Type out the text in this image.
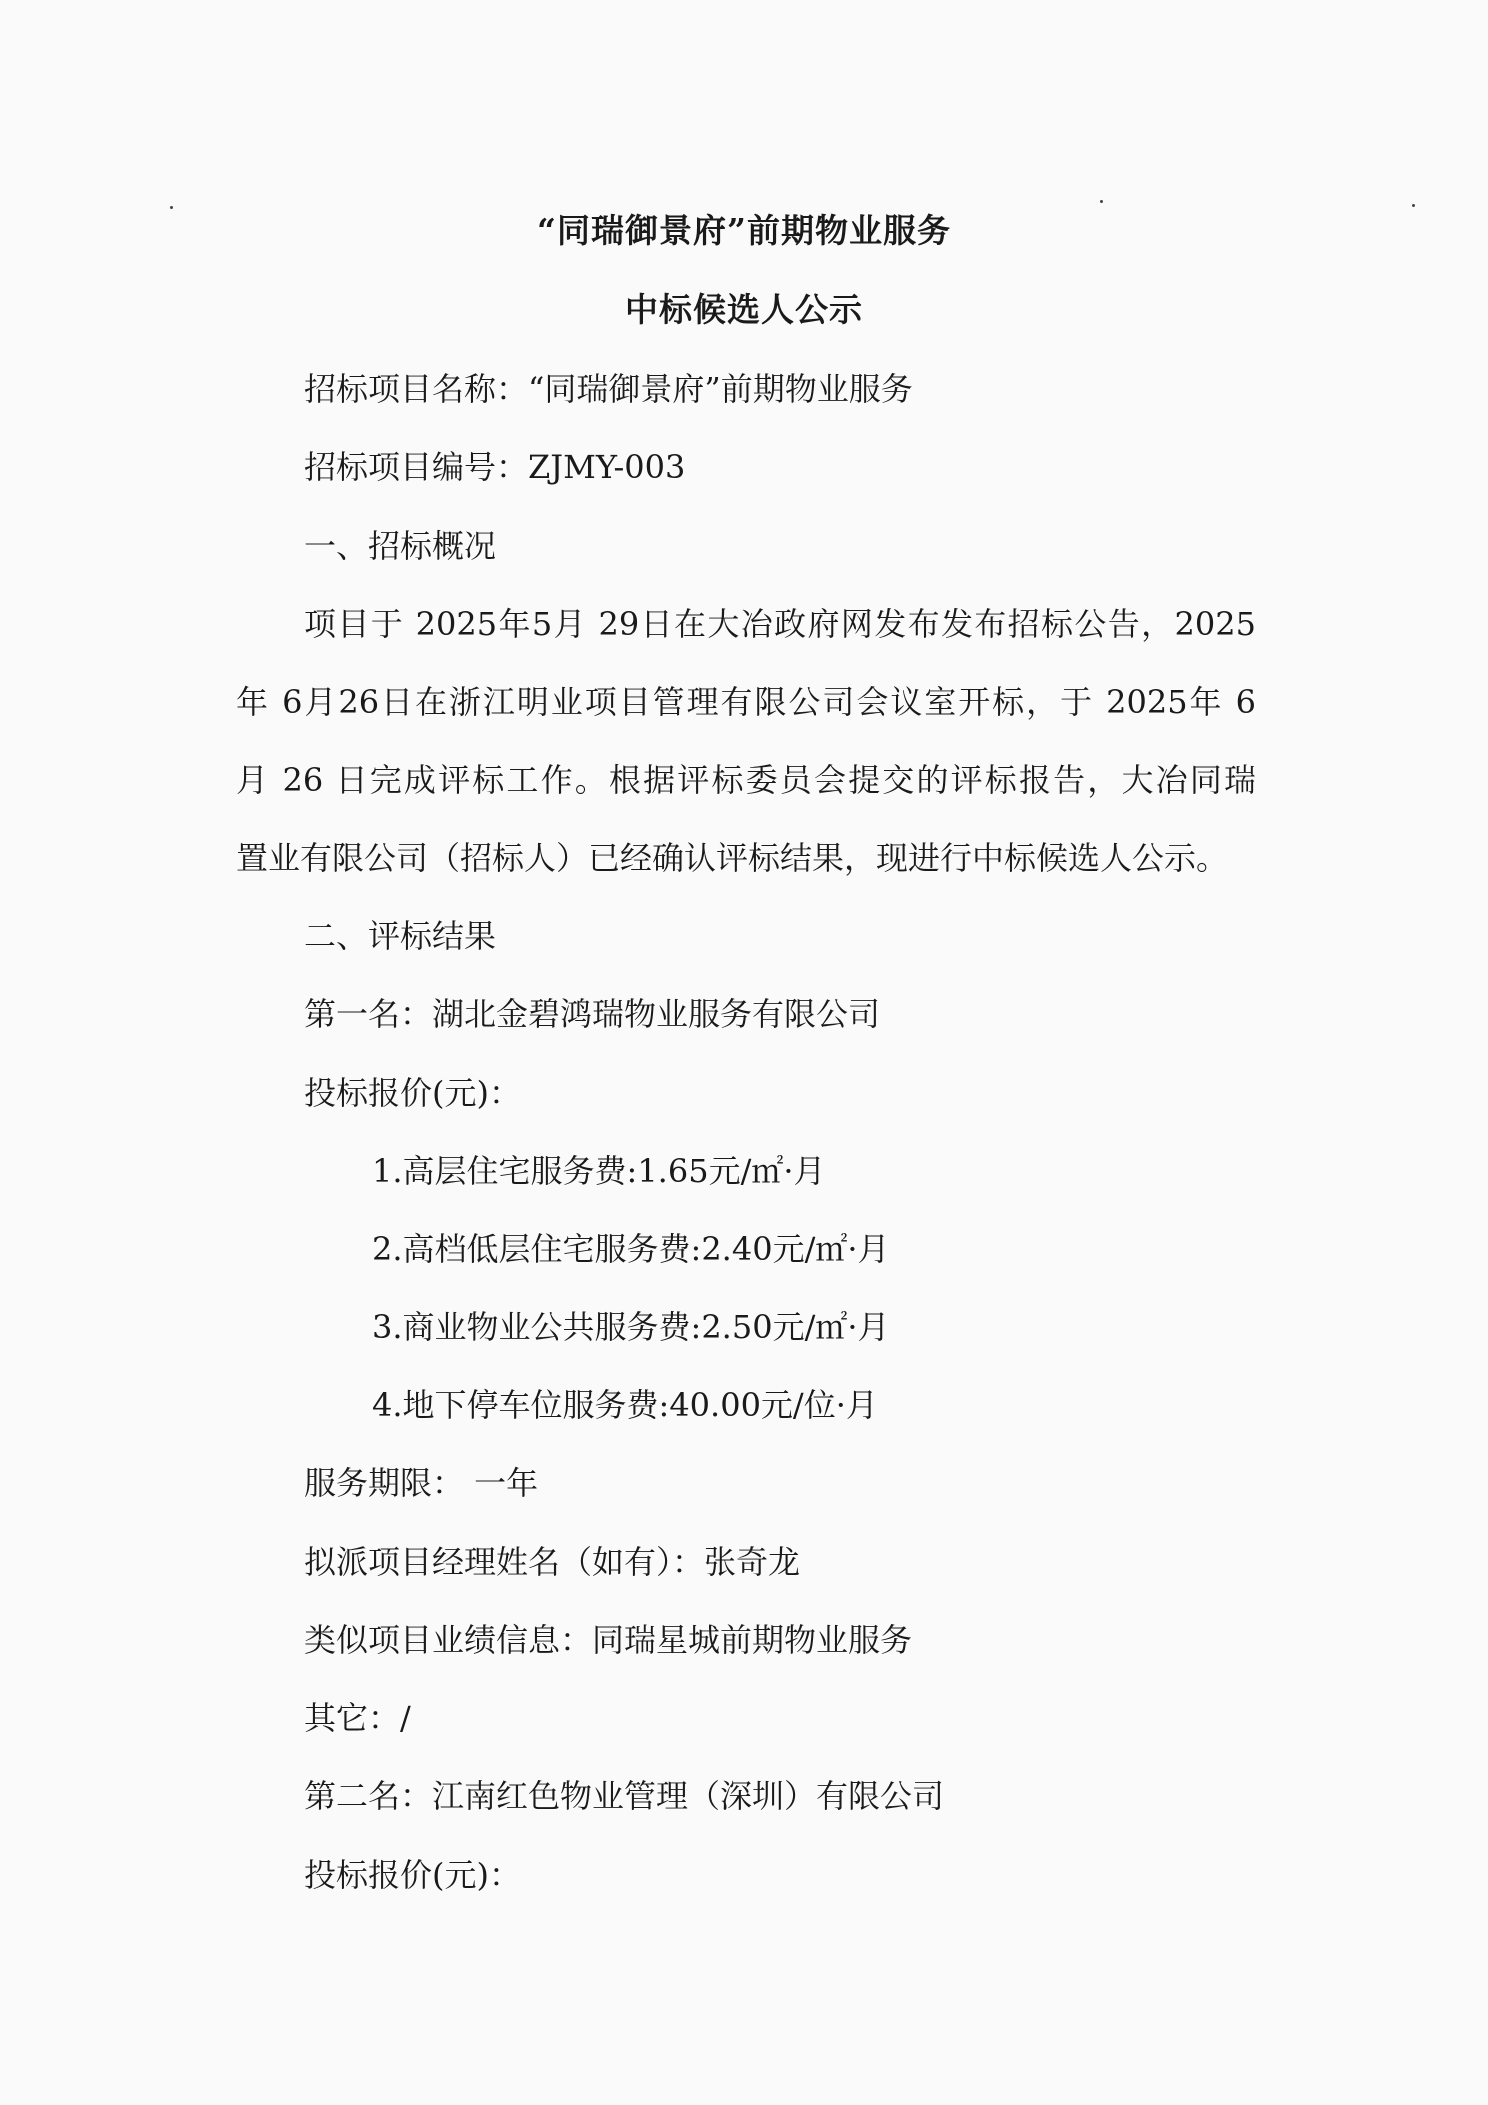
“同瑞御景府”前期物业服务
中标候选人公示
招标项目名称：“同瑞御景府”前期物业服务
招标项目编号：ZJMY-003
一、招标概况
项目于 2025年5月 29日在大冶政府网发布发布招标公告，2025
年 6月26日在浙江明业项目管理有限公司会议室开标，于 2025年 6
月 26 日完成评标工作。根据评标委员会提交的评标报告，大冶同瑞
置业有限公司（招标人）已经确认评标结果，现进行中标候选人公示。
二、评标结果
第一名：湖北金碧鸿瑞物业服务有限公司
投标报价(元)：
1.高层住宅服务费:1.65元/㎡·月
2.高档低层住宅服务费:2.40元/㎡·月
3.商业物业公共服务费:2.50元/㎡·月
4.地下停车位服务费:40.00元/位·月
服务期限： 一年
拟派项目经理姓名（如有）：张奇龙
类似项目业绩信息：同瑞星城前期物业服务
其它：/
第二名：江南红色物业管理（深圳）有限公司
投标报价(元)：
